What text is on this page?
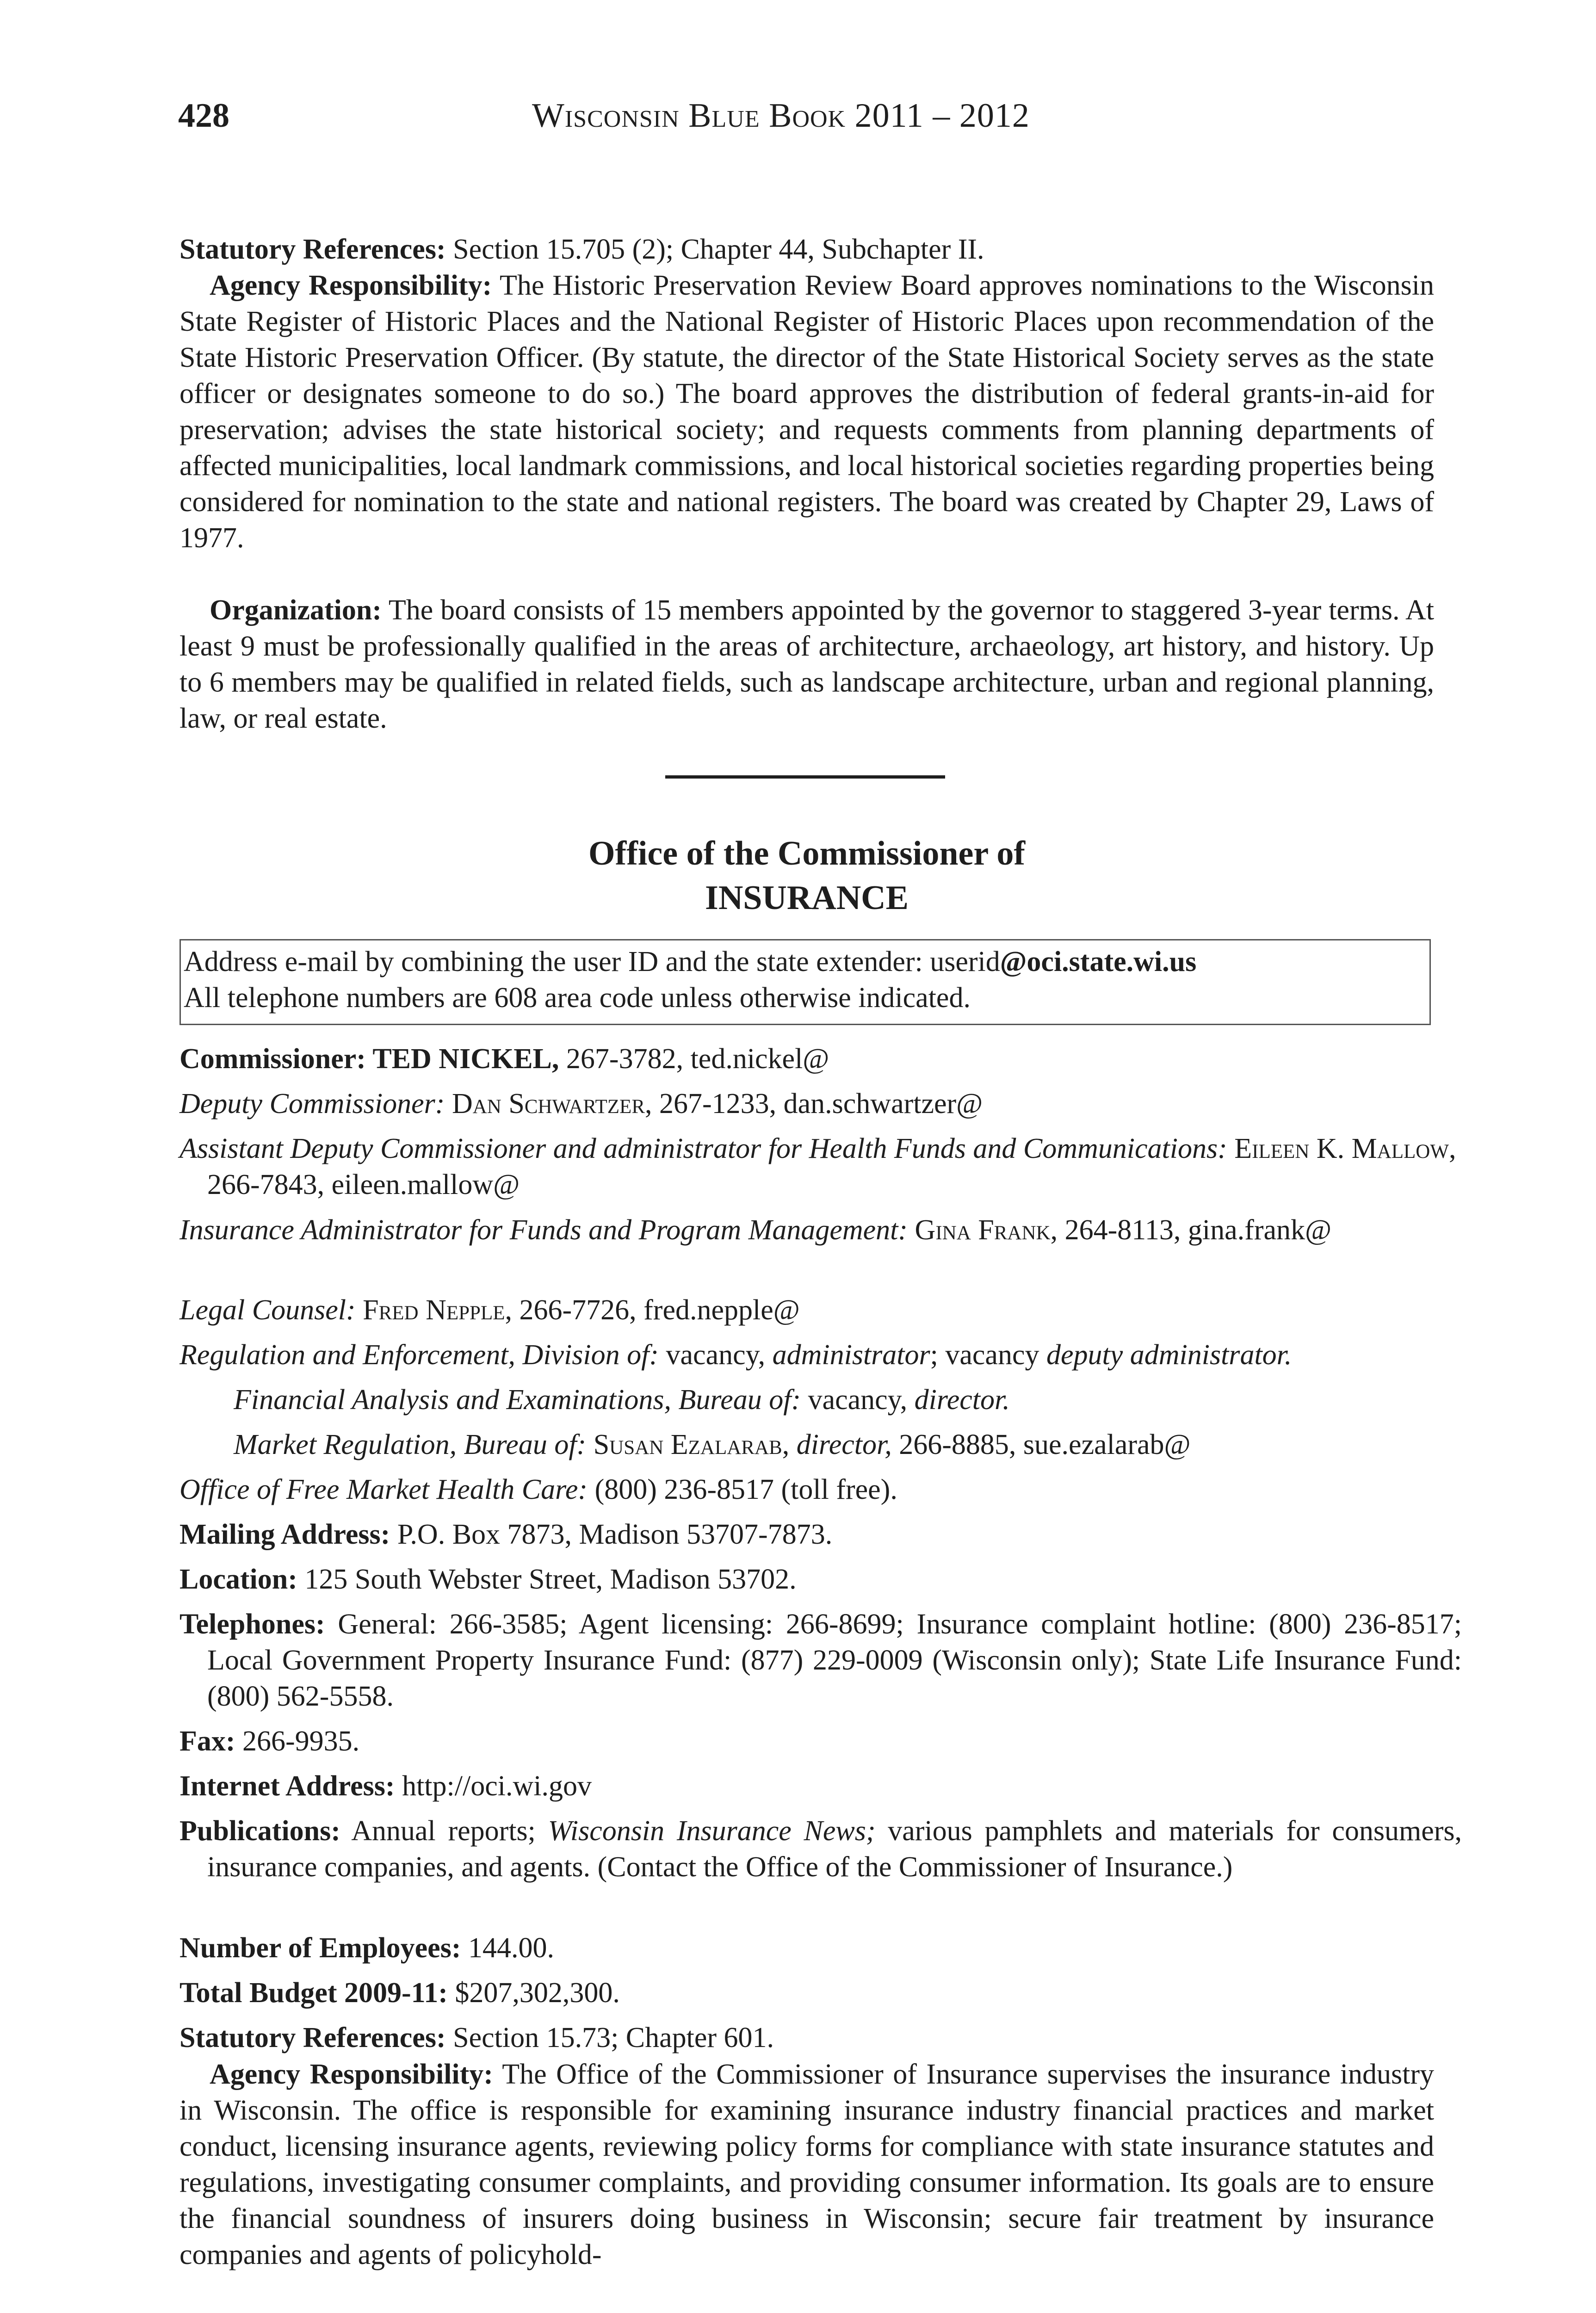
428	Wisconsin Blue Book 2011 – 2012
Statutory References: Section 15.705 (2); Chapter 44, Subchapter II.
Agency Responsibility: The Historic Preservation Review Board approves nominations to the Wisconsin State Register of Historic Places and the National Register of Historic Places upon recommendation of the State Historic Preservation Officer. (By statute, the director of the State Historical Society serves as the state officer or designates someone to do so.) The board approves the distribution of federal grants-in-aid for preservation; advises the state historical society; and requests comments from planning departments of affected municipalities, local landmark commissions, and local historical societies regarding properties being considered for nomination to the state and national registers. The board was created by Chapter 29, Laws of 1977.
Organization: The board consists of 15 members appointed by the governor to staggered 3-year terms. At least 9 must be professionally qualified in the areas of architecture, archaeology, art history, and history. Up to 6 members may be qualified in related fields, such as landscape architecture, urban and regional planning, law, or real estate.
Office of the Commissioner of
INSURANCE
Address e-mail by combining the user ID and the state extender: userid@oci.state.wi.us
All telephone numbers are 608 area code unless otherwise indicated.
Commissioner: TED NICKEL, 267-3782, ted.nickel@
Deputy Commissioner: Dan Schwartzer, 267-1233, dan.schwartzer@
Assistant Deputy Commissioner and administrator for Health Funds and Communications: Eileen K. Mallow, 266-7843, eileen.mallow@
Insurance Administrator for Funds and Program Management: Gina Frank, 264-8113, gina.frank@
Legal Counsel: Fred Nepple, 266-7726, fred.nepple@
Regulation and Enforcement, Division of: vacancy, administrator; vacancy deputy administrator.
Financial Analysis and Examinations, Bureau of: vacancy, director.
Market Regulation, Bureau of: Susan Ezalarab, director, 266-8885, sue.ezalarab@
Office of Free Market Health Care: (800) 236-8517 (toll free).
Mailing Address: P.O. Box 7873, Madison 53707-7873.
Location: 125 South Webster Street, Madison 53702.
Telephones: General: 266-3585; Agent licensing: 266-8699; Insurance complaint hotline: (800) 236-8517; Local Government Property Insurance Fund: (877) 229-0009 (Wisconsin only); State Life Insurance Fund: (800) 562-5558.
Fax: 266-9935.
Internet Address: http://oci.wi.gov
Publications: Annual reports; Wisconsin Insurance News; various pamphlets and materials for consumers, insurance companies, and agents. (Contact the Office of the Commissioner of Insurance.)
Number of Employees: 144.00.
Total Budget 2009-11: $207,302,300.
Statutory References: Section 15.73; Chapter 601.
Agency Responsibility: The Office of the Commissioner of Insurance supervises the insurance industry in Wisconsin. The office is responsible for examining insurance industry financial practices and market conduct, licensing insurance agents, reviewing policy forms for compliance with state insurance statutes and regulations, investigating consumer complaints, and providing consumer information. Its goals are to ensure the financial soundness of insurers doing business in Wisconsin; secure fair treatment by insurance companies and agents of policyhold-
